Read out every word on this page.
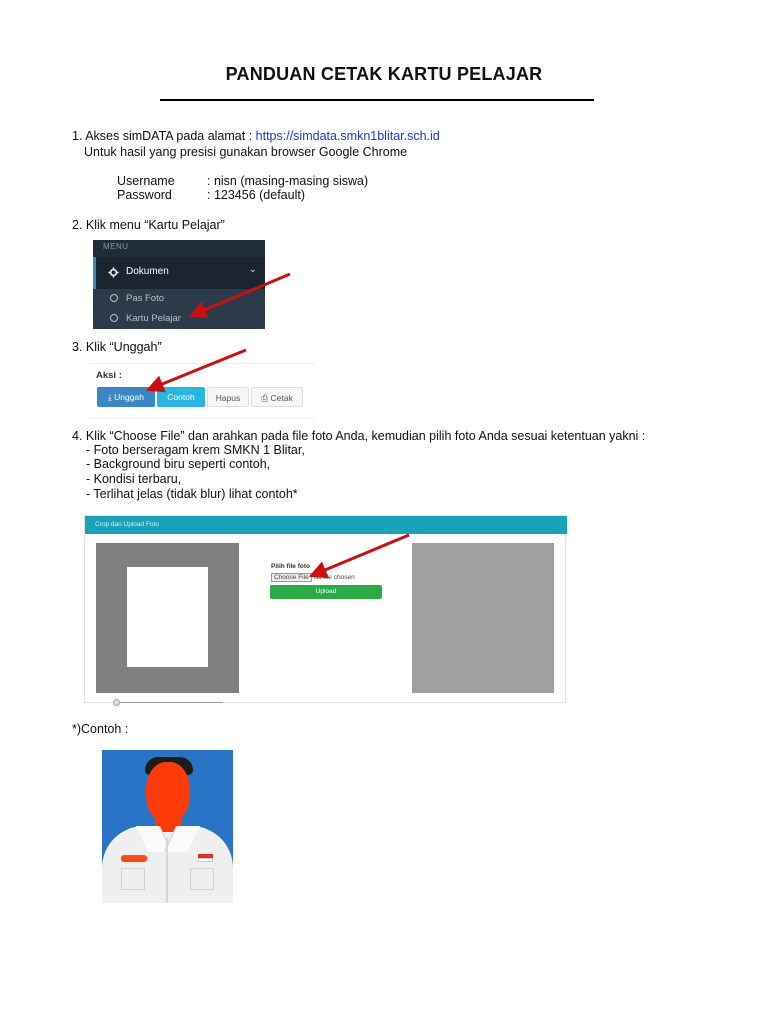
PANDUAN CETAK KARTU PELAJAR
1. Akses simDATA pada alamat : https://simdata.smkn1blitar.sch.id
Untuk hasil yang presisi gunakan browser Google Chrome
Username	: nisn (masing-masing siswa)
Password	: 123456 (default)
2. Klik menu “Kartu Pelajar”
MENU
Dokumen	⌄
Pas Foto
Kartu Pelajar
3. Klik “Unggah”
Aksi :
⤓ Unggah	Contoh	Hapus	⎙ Cetak
4. Klik “Choose File” dan arahkan pada file foto Anda, kemudian pilih foto Anda sesuai ketentuan yakni :
- Foto berseragam krem SMKN 1 Blitar,
- Background biru seperti contoh,
- Kondisi terbaru,
- Terlihat jelas (tidak blur) lihat contoh*
Crop dan Upload Foto
Pilih file foto
Choose File No file chosen
Upload
*)Contoh :
